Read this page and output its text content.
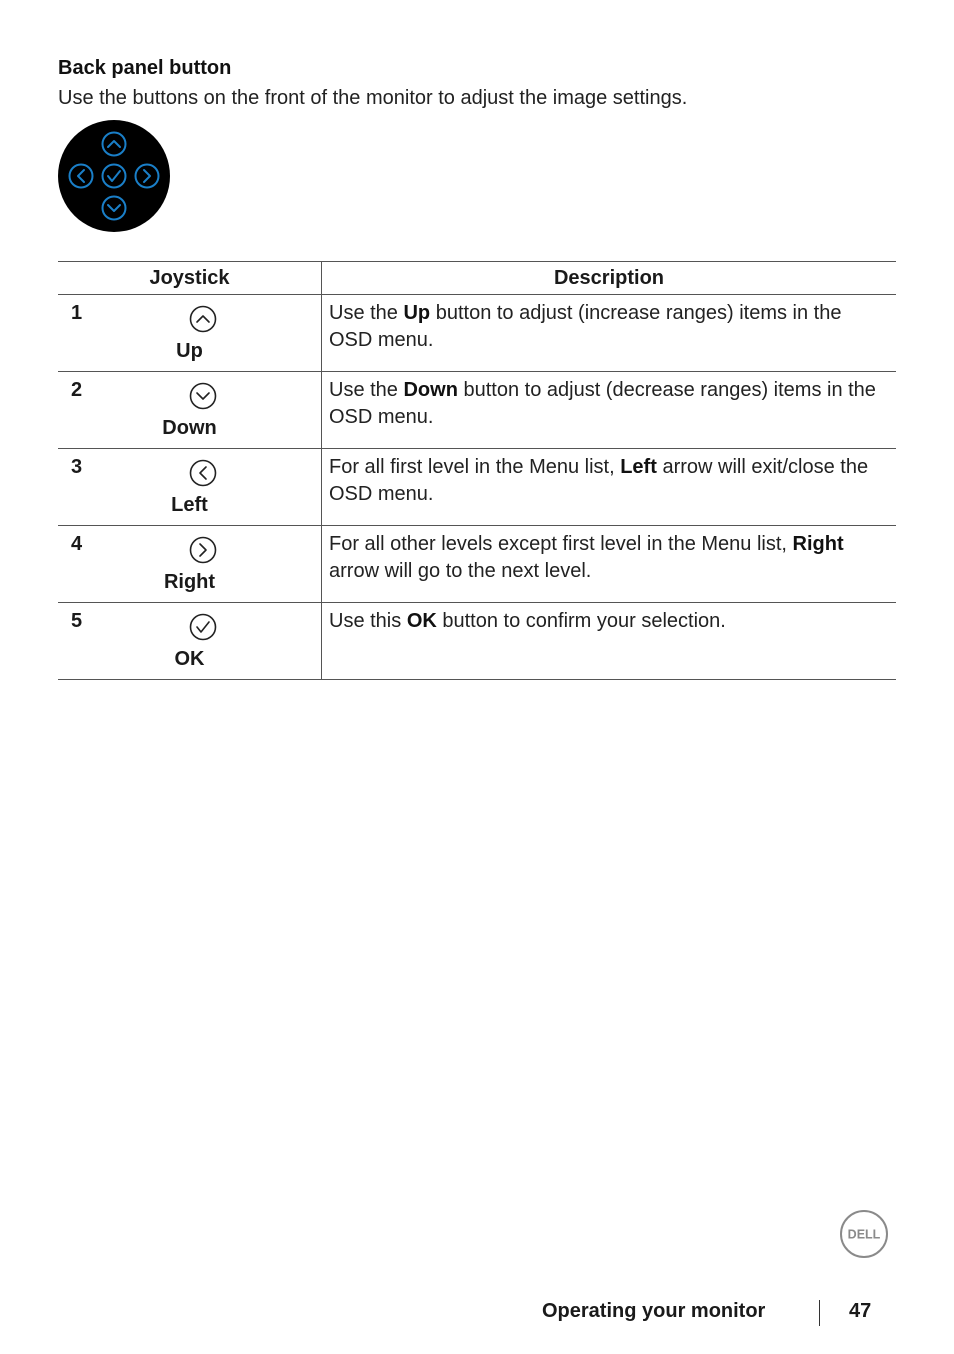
Back panel button
Use the buttons on the front of the monitor to adjust the image settings.
Joystick	Description

1
Up	Use the Up button to adjust (increase ranges) items in the OSD menu.

2
Down	Use the Down button to adjust (decrease ranges) items in the OSD menu.

3
Left	For all first level in the Menu list, Left arrow will exit/close the OSD menu.

4
Right	For all other levels except first level in the Menu list, Right arrow will go to the next level.

5
OK	Use this OK button to confirm your selection.
DELL
Operating your monitor	47
